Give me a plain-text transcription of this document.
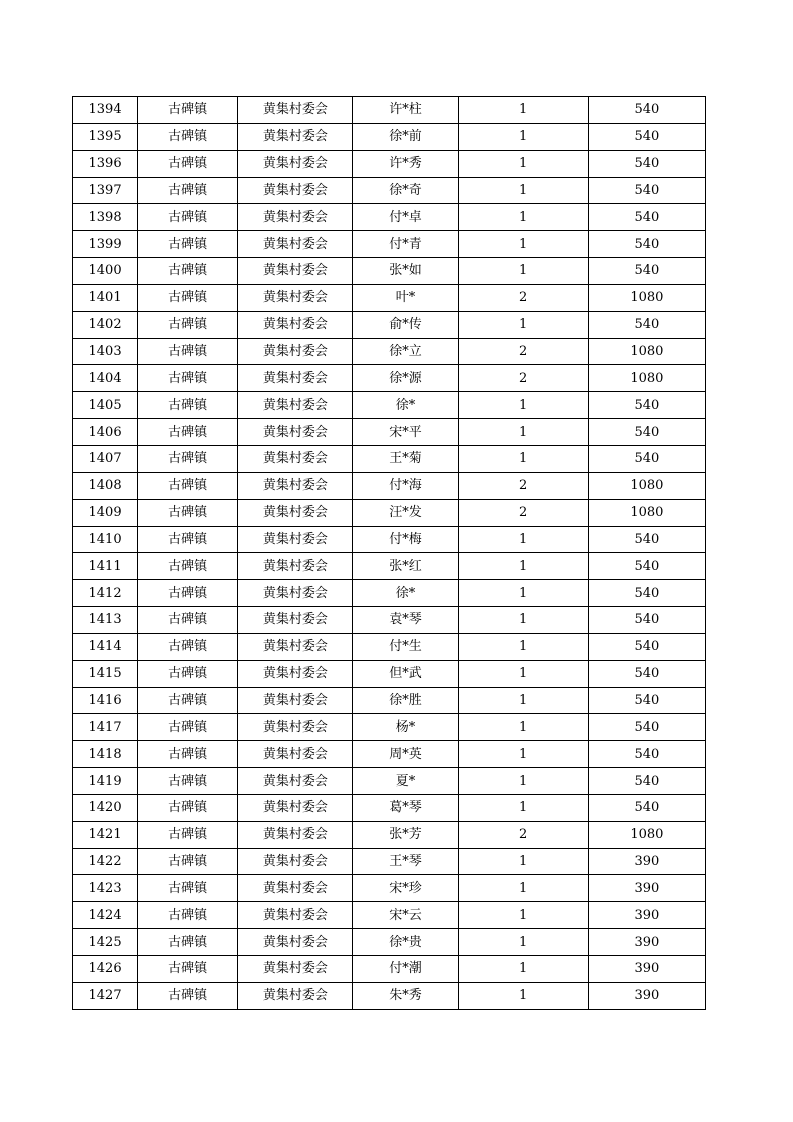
1394	古碑镇	黄集村委会	许*柱	1	540
1395	古碑镇	黄集村委会	徐*前	1	540
1396	古碑镇	黄集村委会	许*秀	1	540
1397	古碑镇	黄集村委会	徐*奇	1	540
1398	古碑镇	黄集村委会	付*卓	1	540
1399	古碑镇	黄集村委会	付*青	1	540
1400	古碑镇	黄集村委会	张*如	1	540
1401	古碑镇	黄集村委会	叶*	2	1080
1402	古碑镇	黄集村委会	俞*传	1	540
1403	古碑镇	黄集村委会	徐*立	2	1080
1404	古碑镇	黄集村委会	徐*源	2	1080
1405	古碑镇	黄集村委会	徐*	1	540
1406	古碑镇	黄集村委会	宋*平	1	540
1407	古碑镇	黄集村委会	王*菊	1	540
1408	古碑镇	黄集村委会	付*海	2	1080
1409	古碑镇	黄集村委会	汪*发	2	1080
1410	古碑镇	黄集村委会	付*梅	1	540
1411	古碑镇	黄集村委会	张*红	1	540
1412	古碑镇	黄集村委会	徐*	1	540
1413	古碑镇	黄集村委会	袁*琴	1	540
1414	古碑镇	黄集村委会	付*生	1	540
1415	古碑镇	黄集村委会	但*武	1	540
1416	古碑镇	黄集村委会	徐*胜	1	540
1417	古碑镇	黄集村委会	杨*	1	540
1418	古碑镇	黄集村委会	周*英	1	540
1419	古碑镇	黄集村委会	夏*	1	540
1420	古碑镇	黄集村委会	葛*琴	1	540
1421	古碑镇	黄集村委会	张*芳	2	1080
1422	古碑镇	黄集村委会	王*琴	1	390
1423	古碑镇	黄集村委会	宋*珍	1	390
1424	古碑镇	黄集村委会	宋*云	1	390
1425	古碑镇	黄集村委会	徐*贵	1	390
1426	古碑镇	黄集村委会	付*潮	1	390
1427	古碑镇	黄集村委会	朱*秀	1	390
